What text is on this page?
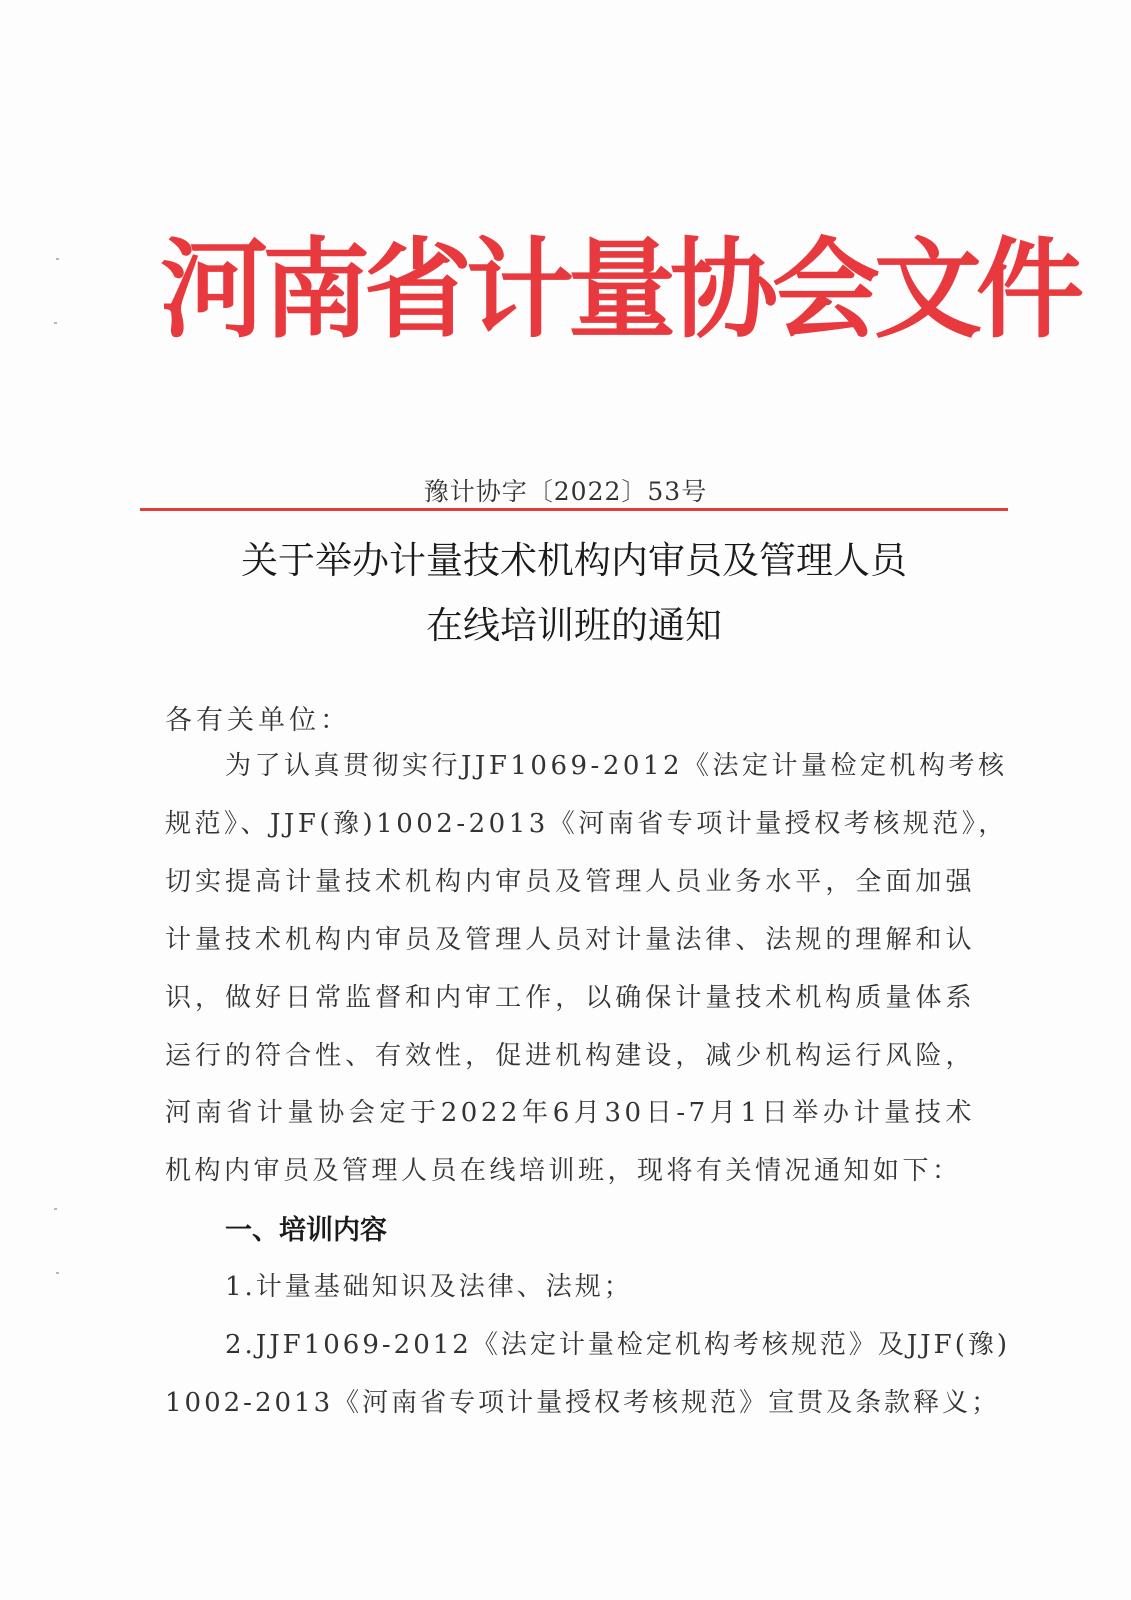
河南省计量协会文件
豫计协字〔2022〕53号
关于举办计量技术机构内审员及管理人员
在线培训班的通知
各有关单位：
为了认真贯彻实行JJF1069-2012《法定计量检定机构考核
规范》、JJF(豫)1002-2013《河南省专项计量授权考核规范》，
切实提高计量技术机构内审员及管理人员业务水平，全面加强
计量技术机构内审员及管理人员对计量法律、法规的理解和认
识，做好日常监督和内审工作，以确保计量技术机构质量体系
运行的符合性、有效性，促进机构建设，减少机构运行风险，
河南省计量协会定于2022年6月30日-7月1日举办计量技术
机构内审员及管理人员在线培训班，现将有关情况通知如下：
一、培训内容
1.计量基础知识及法律、法规；
2.JJF1069-2012《法定计量检定机构考核规范》及JJF(豫)
1002-2013《河南省专项计量授权考核规范》宣贯及条款释义；
